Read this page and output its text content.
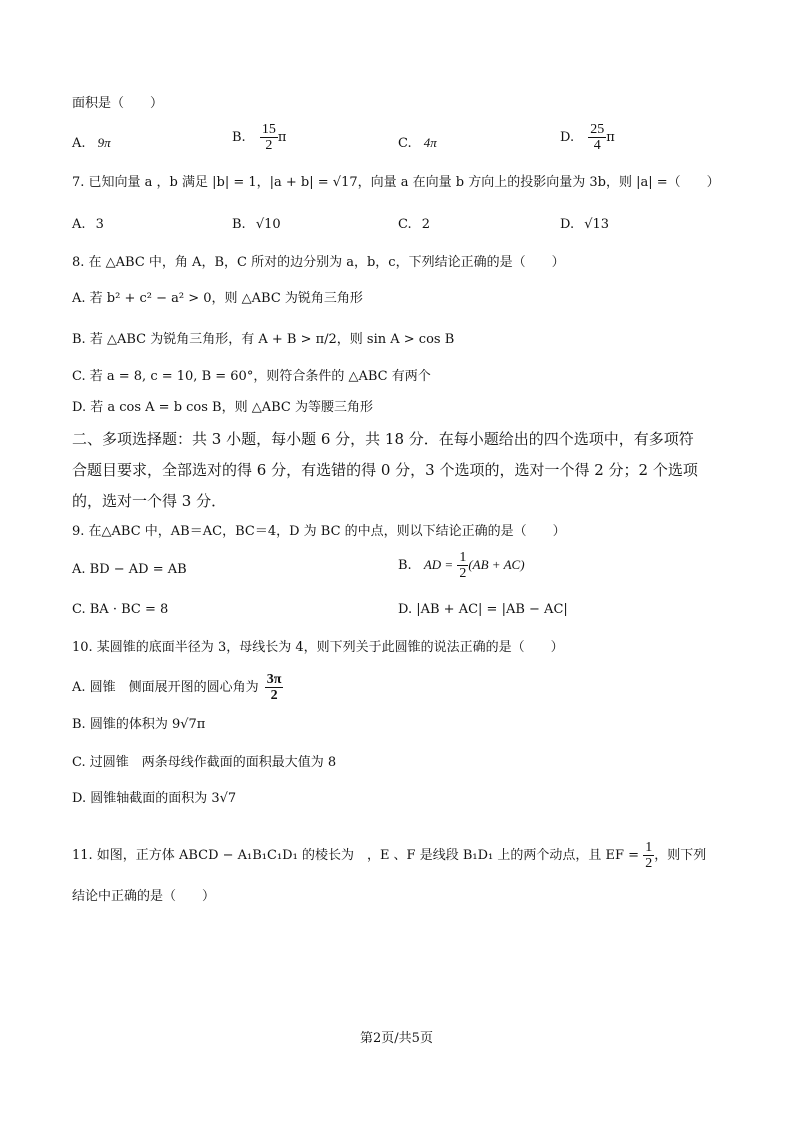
面积是（　　）
A. 9π	B. $\frac{15}{2}$ π	C. 4π	D. $\frac{25}{4}$ π
7. 已知向量 a ，b 满足 |b| = 1，|a + b| = √17，向量 a 在向量 b 方向上的投影向量为 3b，则 |a| =（　　）
A. 3	B. √10	C. 2	D. √13
8. 在 △ABC 中，角 A，B，C 所对的边分别为 a，b，c，下列结论正确的是（　　）
A. 若 b² + c² − a² > 0，则 △ABC 为锐角三角形
B. 若 △ABC 为锐角三角形，有 A + B > π/2，则 sin A > cos B
C. 若 a = 8, c = 10, B = 60°，则符合条件的 △ABC 有两个
D. 若 a cos A = b cos B，则 △ABC 为等腰三角形
二、多项选择题：共 3 小题，每小题 6 分，共 18 分．在每小题给出的四个选项中，有多项符
合题目要求，全部选对的得 6 分，有选错的得 0 分，3 个选项的，选对一个得 2 分；2 个选项
的，选对一个得 3 分．
9. 在△ABC 中，AB＝AC，BC＝4，D 为 BC 的中点，则以下结论正确的是（　　）
A. BD − AD = AB	B. AD = $\frac{1}{2} (AB + AC)$
C. BA · BC = 8	D. |AB + AC| = |AB − AC|
10. 某圆锥的底面半径为 3，母线长为 4，则下列关于此圆锥的说法正确的是（　　）
A. 圆锥　侧面展开图的圆心角为 $\frac{3\pi}{2}$
B. 圆锥的体积为 9√7π
C. 过圆锥　两条母线作截面的面积最大值为 8
D. 圆锥轴截面的面积为 3√7
11. 如图，正方体 ABCD − A₁B₁C₁D₁ 的棱长为　，E 、F 是线段 B₁D₁ 上的两个动点，且 EF = $\frac{1}{2}$ ，则下列
结论中正确的是（　　）
第2页/共5页
